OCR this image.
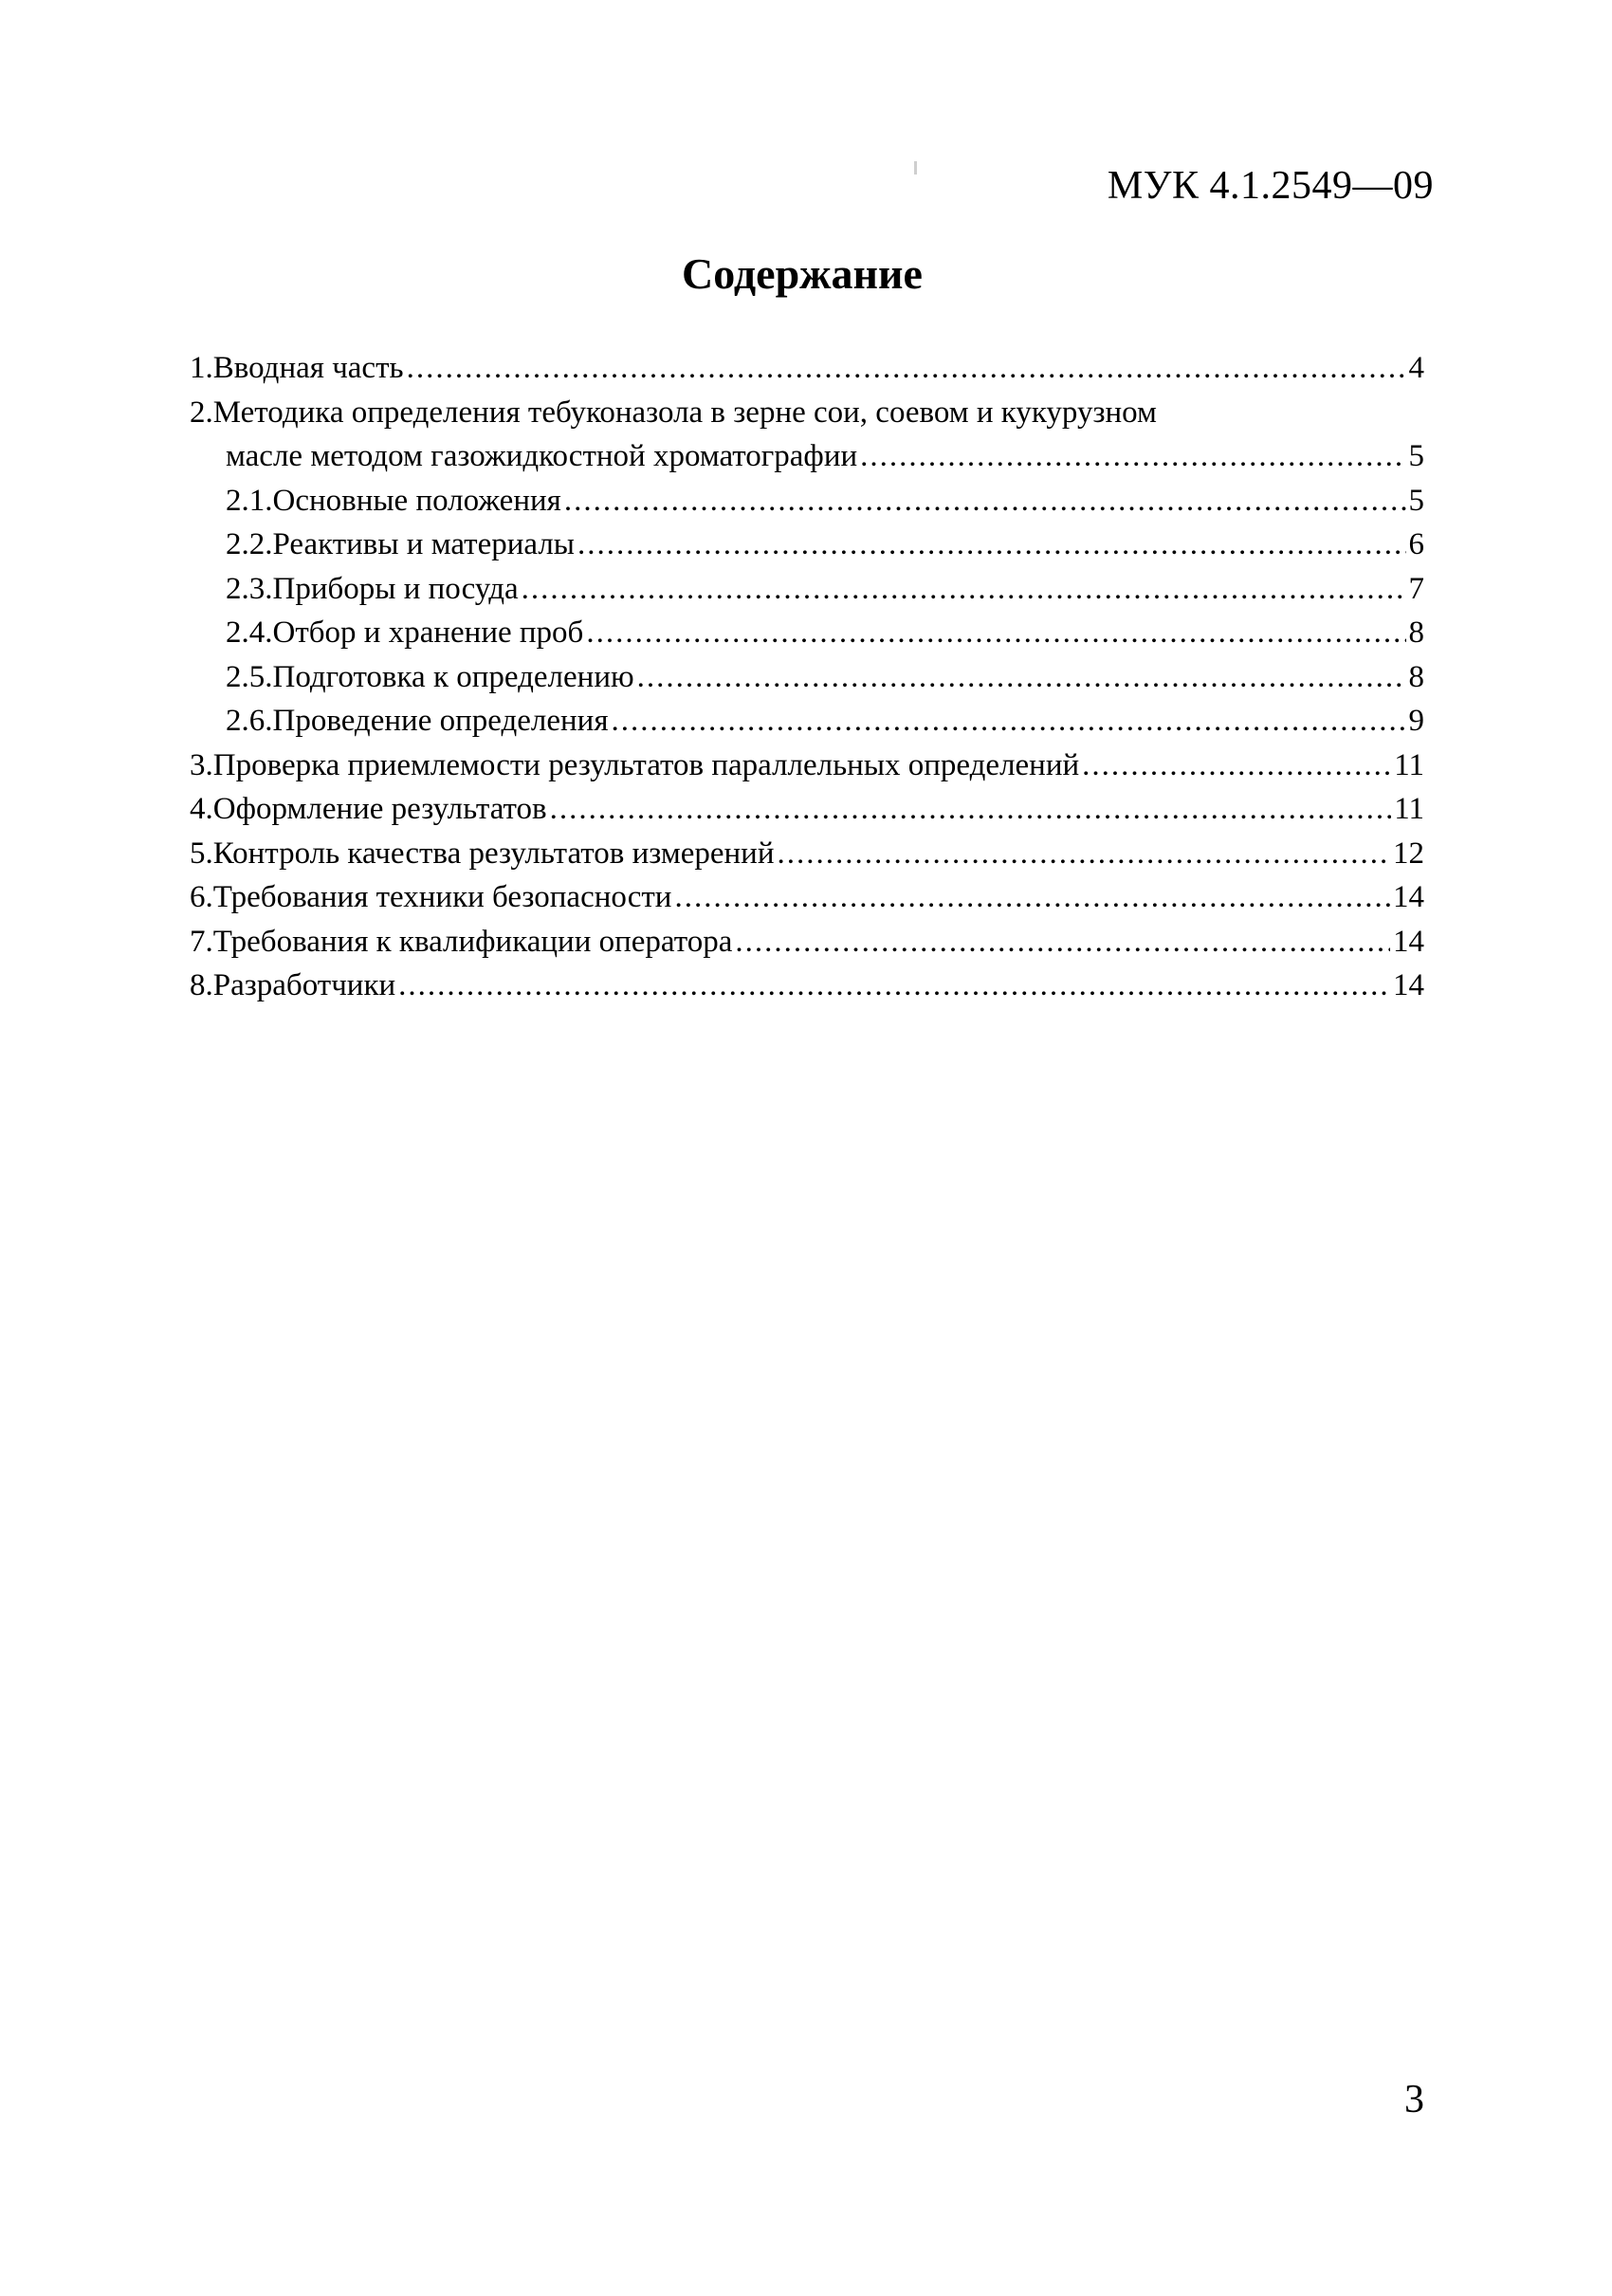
МУК 4.1.2549—09
Содержание
1. Вводная часть .....	4
2. Методика определения тебуконазола в зерне сои, соевом и кукурузном
масле методом газожидкостной хроматографии .....	5
2.1. Основные положения .....	5
2.2. Реактивы и материалы .....	6
2.3. Приборы и посуда .....	7
2.4. Отбор и хранение проб .....	8
2.5. Подготовка к определению .....	8
2.6. Проведение определения .....	9
3. Проверка приемлемости результатов параллельных определений .....	11
4. Оформление результатов .....	11
5. Контроль качества результатов измерений .....	12
6. Требования техники безопасности .....	14
7. Требования к квалификации оператора .....	14
8. Разработчики .....	14
3
